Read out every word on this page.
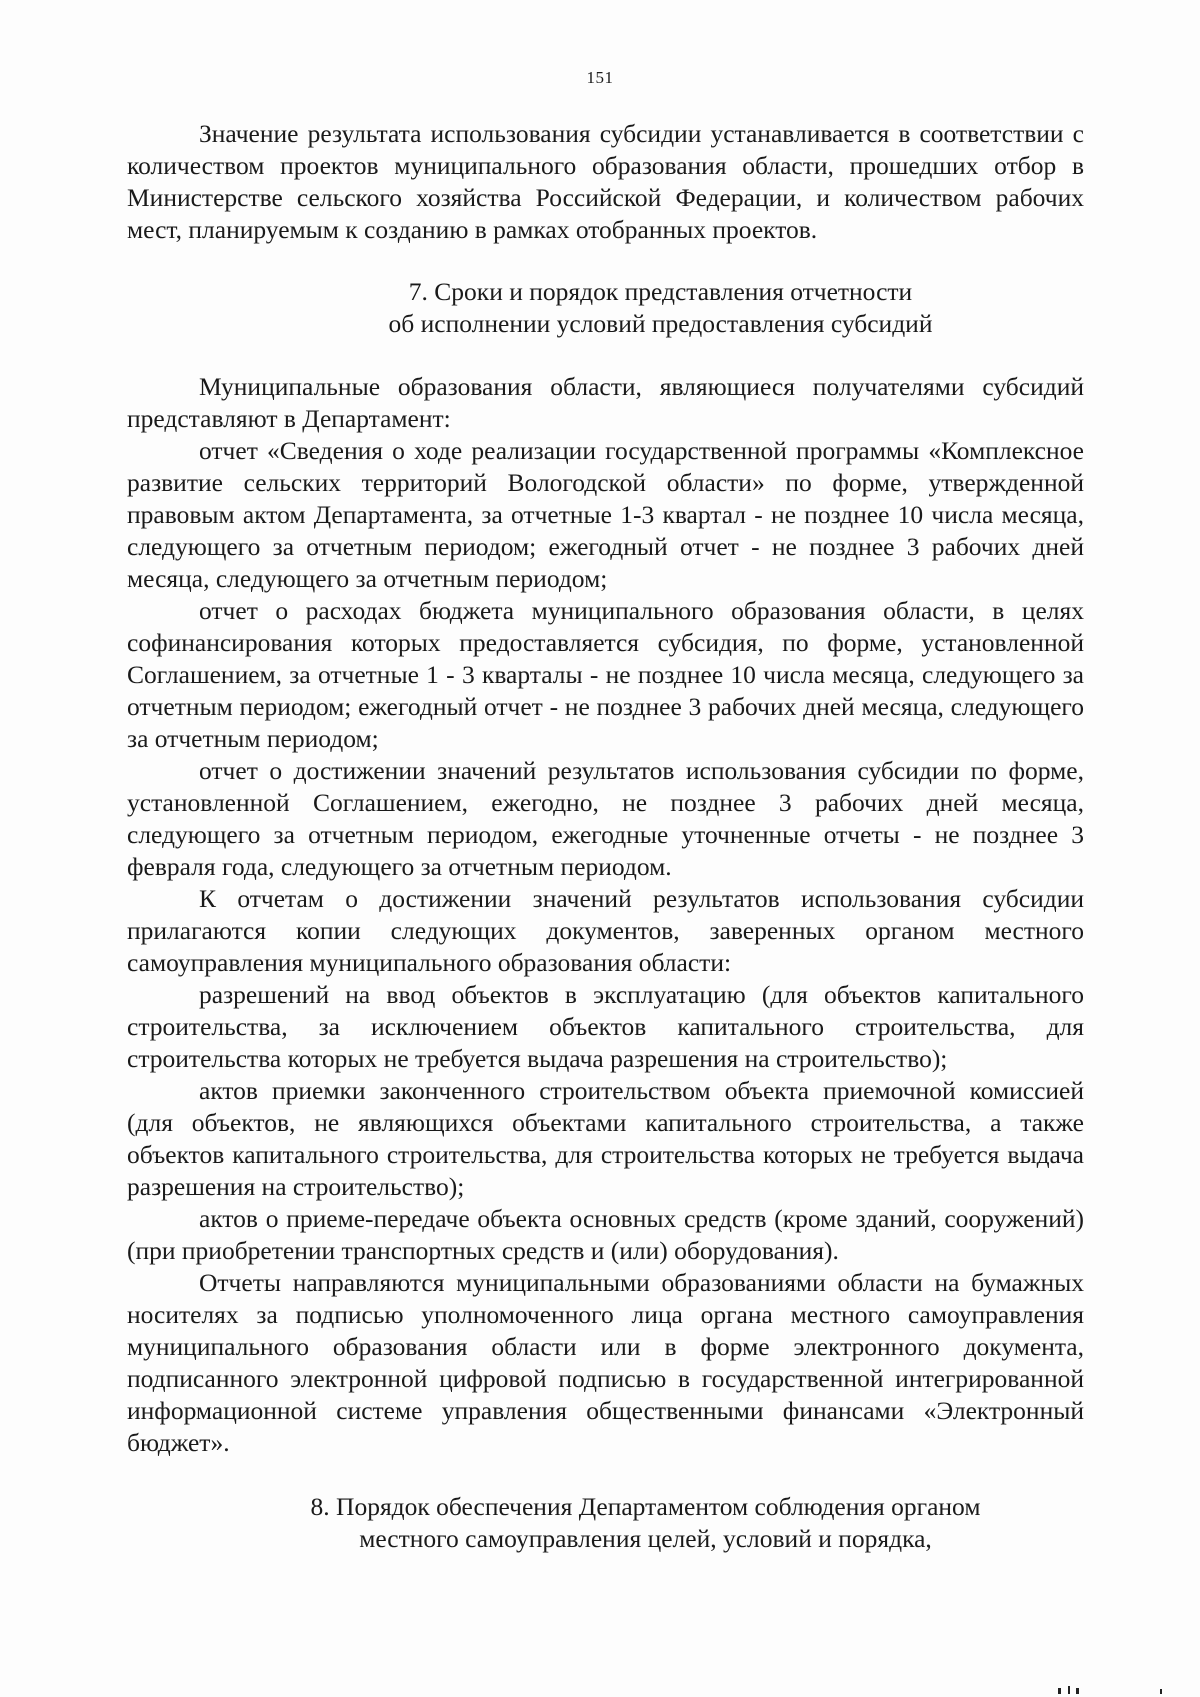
151

Значение результата использования субсидии устанавливается в соответствии с количеством проектов муниципального образования области, прошедших отбор в Министерстве сельского хозяйства Российской Федерации, и количеством рабочих мест, планируемым к созданию в рамках отобранных проектов.

7. Сроки и порядок представления отчетности
об исполнении условий предоставления субсидий

Муниципальные образования области, являющиеся получателями субсидий представляют в Департамент:

отчет «Сведения о ходе реализации государственной программы «Комплексное развитие сельских территорий Вологодской области» по форме, утвержденной правовым актом Департамента, за отчетные 1-3 квартал - не позднее 10 числа месяца, следующего за отчетным периодом; ежегодный отчет - не позднее 3 рабочих дней месяца, следующего за отчетным периодом;

отчет о расходах бюджета муниципального образования области, в целях софинансирования которых предоставляется субсидия, по форме, установленной Соглашением, за отчетные 1 - 3 кварталы - не позднее 10 числа месяца, следующего за отчетным периодом; ежегодный отчет - не позднее 3 рабочих дней месяца, следующего за отчетным периодом;

отчет о достижении значений результатов использования субсидии по форме, установленной Соглашением, ежегодно, не позднее 3 рабочих дней месяца, следующего за отчетным периодом, ежегодные уточненные отчеты - не позднее 3 февраля года, следующего за отчетным периодом.

К отчетам о достижении значений результатов использования субсидии прилагаются копии следующих документов, заверенных органом местного самоуправления муниципального образования области:

разрешений на ввод объектов в эксплуатацию (для объектов капитального строительства, за исключением объектов капитального строительства, для строительства которых не требуется выдача разрешения на строительство);

актов приемки законченного строительством объекта приемочной комиссией (для объектов, не являющихся объектами капитального строительства, а также объектов капитального строительства, для строительства которых не требуется выдача разрешения на строительство);

актов о приеме-передаче объекта основных средств (кроме зданий, сооружений) (при приобретении транспортных средств и (или) оборудования).

Отчеты направляются муниципальными образованиями области на бумажных носителях за подписью уполномоченного лица органа местного самоуправления муниципального образования области или в форме электронного документа, подписанного электронной цифровой подписью в государственной интегрированной информационной системе управления общественными финансами «Электронный бюджет».

8. Порядок обеспечения Департаментом соблюдения органом
местного самоуправления целей, условий и порядка,
